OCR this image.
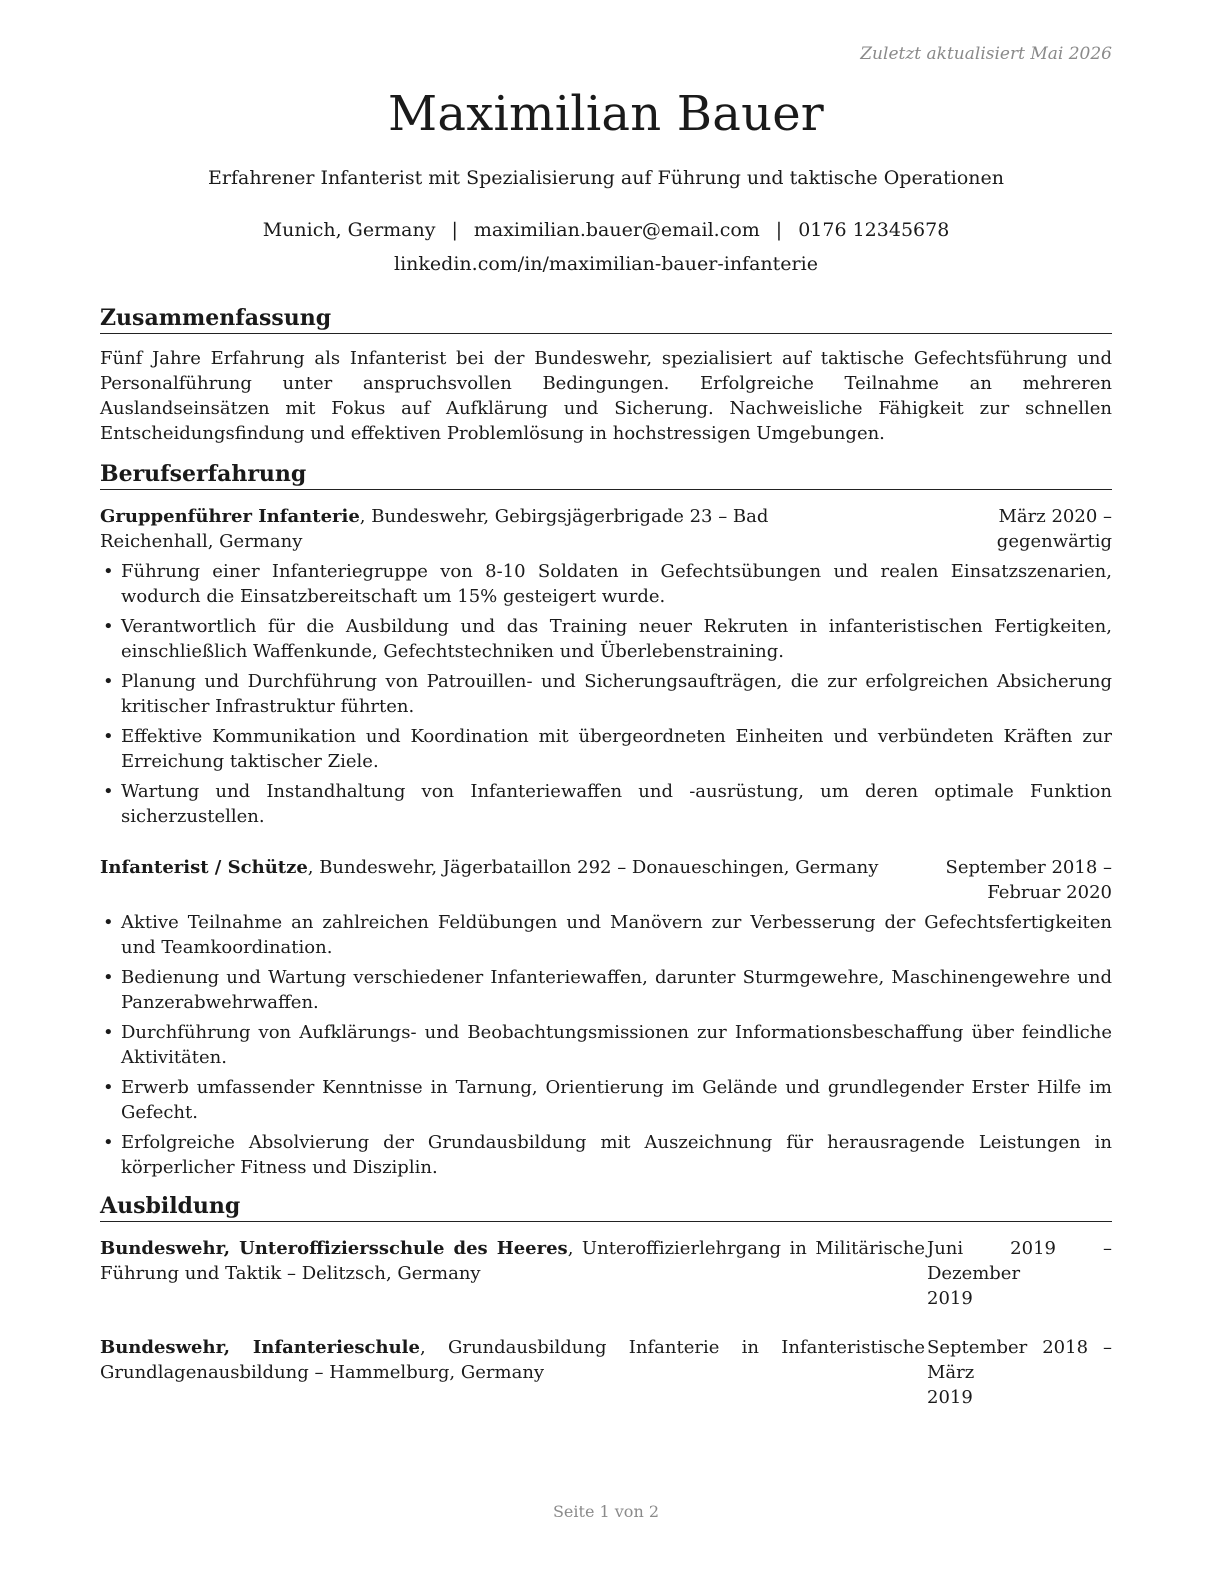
Zuletzt aktualisiert Mai 2026
Maximilian Bauer
Erfahrener Infanterist mit Spezialisierung auf Führung und taktische Operationen
Munich, Germany | maximilian.bauer@email.com | 0176 12345678
linkedin.com/in/maximilian-bauer-infanterie
Zusammenfassung

Fünf Jahre Erfahrung als Infanterist bei der Bundeswehr, spezialisiert auf taktische Gefechtsführung und Personalführung unter anspruchsvollen Bedingungen. Erfolgreiche Teilnahme an mehreren Auslandseinsätzen mit Fokus auf Aufklärung und Sicherung. Nachweisliche Fähigkeit zur schnellen Entscheidungsfindung und effektiven Problemlösung in hochstressigen Umgebungen.

Berufserfahrung
Gruppenführer Infanterie, Bundeswehr, Gebirgsjägerbrigade 23 – Bad Reichenhall, Germany
März 2020 – gegenwärtig
• Führung einer Infanteriegruppe von 8-10 Soldaten in Gefechtsübungen und realen Einsatzszenarien, wodurch die Einsatzbereitschaft um 15% gesteigert wurde.
• Verantwortlich für die Ausbildung und das Training neuer Rekruten in infanteristischen Fertigkeiten, einschließlich Waffenkunde, Gefechtstechniken und Überlebenstraining.
• Planung und Durchführung von Patrouillen- und Sicherungsaufträgen, die zur erfolgreichen Absicherung kritischer Infrastruktur führten.
• Effektive Kommunikation und Koordination mit übergeordneten Einheiten und verbündeten Kräften zur Erreichung taktischer Ziele.
• Wartung und Instandhaltung von Infanteriewaffen und -ausrüstung, um deren optimale Funktion sicherzustellen.
Infanterist / Schütze, Bundeswehr, Jägerbataillon 292 – Donaueschingen, Germany	September 2018 – Februar 2020
• Aktive Teilnahme an zahlreichen Feldübungen und Manövern zur Verbesserung der Gefechtsfertigkeiten und Teamkoordination.
• Bedienung und Wartung verschiedener Infanteriewaffen, darunter Sturmgewehre, Maschinengewehre und Panzerabwehrwaffen.
• Durchführung von Aufklärungs- und Beobachtungsmissionen zur Informationsbeschaffung über feindliche Aktivitäten.
• Erwerb umfassender Kenntnisse in Tarnung, Orientierung im Gelände und grundlegender Erster Hilfe im Gefecht.
• Erfolgreiche Absolvierung der Grundausbildung mit Auszeichnung für herausragende Leistungen in körperlicher Fitness und Disziplin.
Ausbildung
Bundeswehr, Unteroffiziersschule des Heeres, Unteroffizierlehrgang in Militärische Führung und Taktik – Delitzsch, Germany
Juni 2019 – Dezember
2019
Bundeswehr, Infanterieschule, Grundausbildung Infanterie in Infanteristische Grundlagenausbildung – Hammelburg, Germany
September 2018 – März
2019
Seite 1 von 2
